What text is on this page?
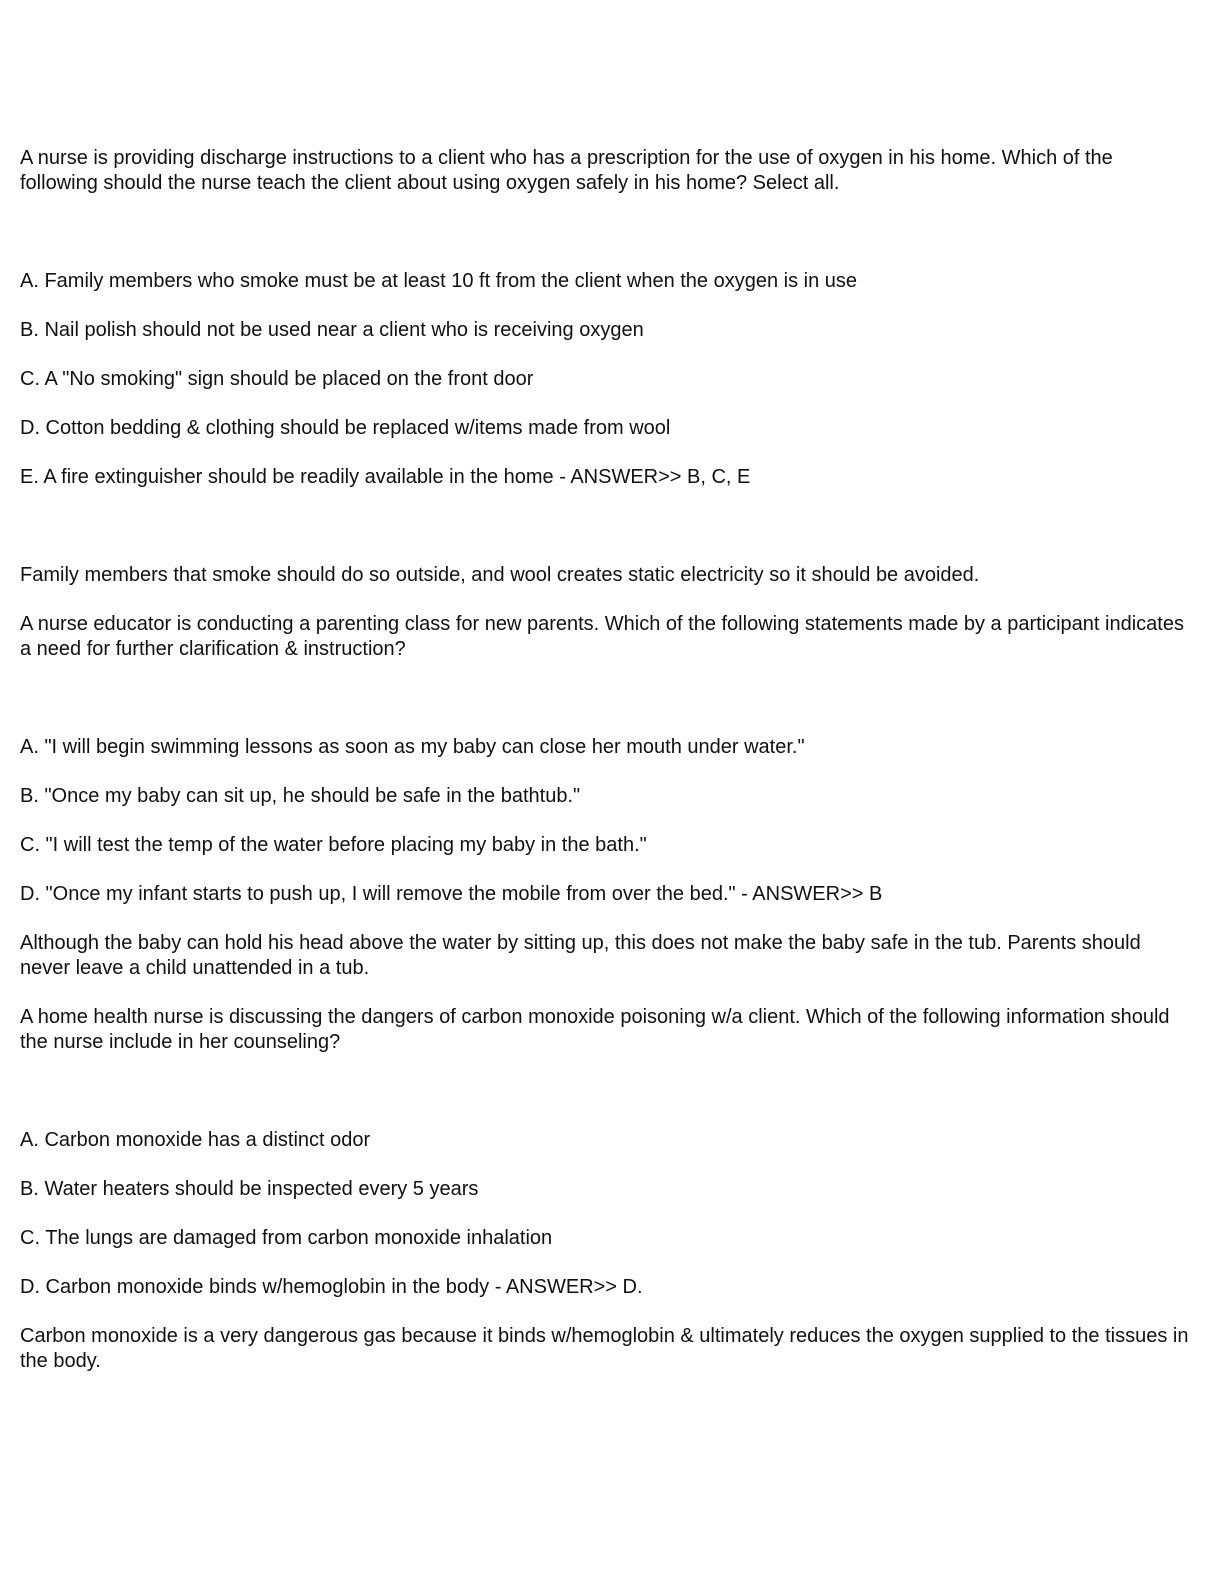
A nurse is providing discharge instructions to a client who has a prescription for the use of oxygen in his home. Which of the following should the nurse teach the client about using oxygen safely in his home? Select all.

A. Family members who smoke must be at least 10 ft from the client when the oxygen is in use

B. Nail polish should not be used near a client who is receiving oxygen

C. A "No smoking" sign should be placed on the front door

D. Cotton bedding & clothing should be replaced w/items made from wool

E. A fire extinguisher should be readily available in the home - ANSWER>> B, C, E

Family members that smoke should do so outside, and wool creates static electricity so it should be avoided.

A nurse educator is conducting a parenting class for new parents. Which of the following statements made by a participant indicates a need for further clarification & instruction?

A. "I will begin swimming lessons as soon as my baby can close her mouth under water."

B. "Once my baby can sit up, he should be safe in the bathtub."

C. "I will test the temp of the water before placing my baby in the bath."

D. "Once my infant starts to push up, I will remove the mobile from over the bed." - ANSWER>> B

Although the baby can hold his head above the water by sitting up, this does not make the baby safe in the tub. Parents should never leave a child unattended in a tub.

A home health nurse is discussing the dangers of carbon monoxide poisoning w/a client. Which of the following information should the nurse include in her counseling?

A. Carbon monoxide has a distinct odor

B. Water heaters should be inspected every 5 years

C. The lungs are damaged from carbon monoxide inhalation

D. Carbon monoxide binds w/hemoglobin in the body - ANSWER>> D.

Carbon monoxide is a very dangerous gas because it binds w/hemoglobin & ultimately reduces the oxygen supplied to the tissues in the body.
